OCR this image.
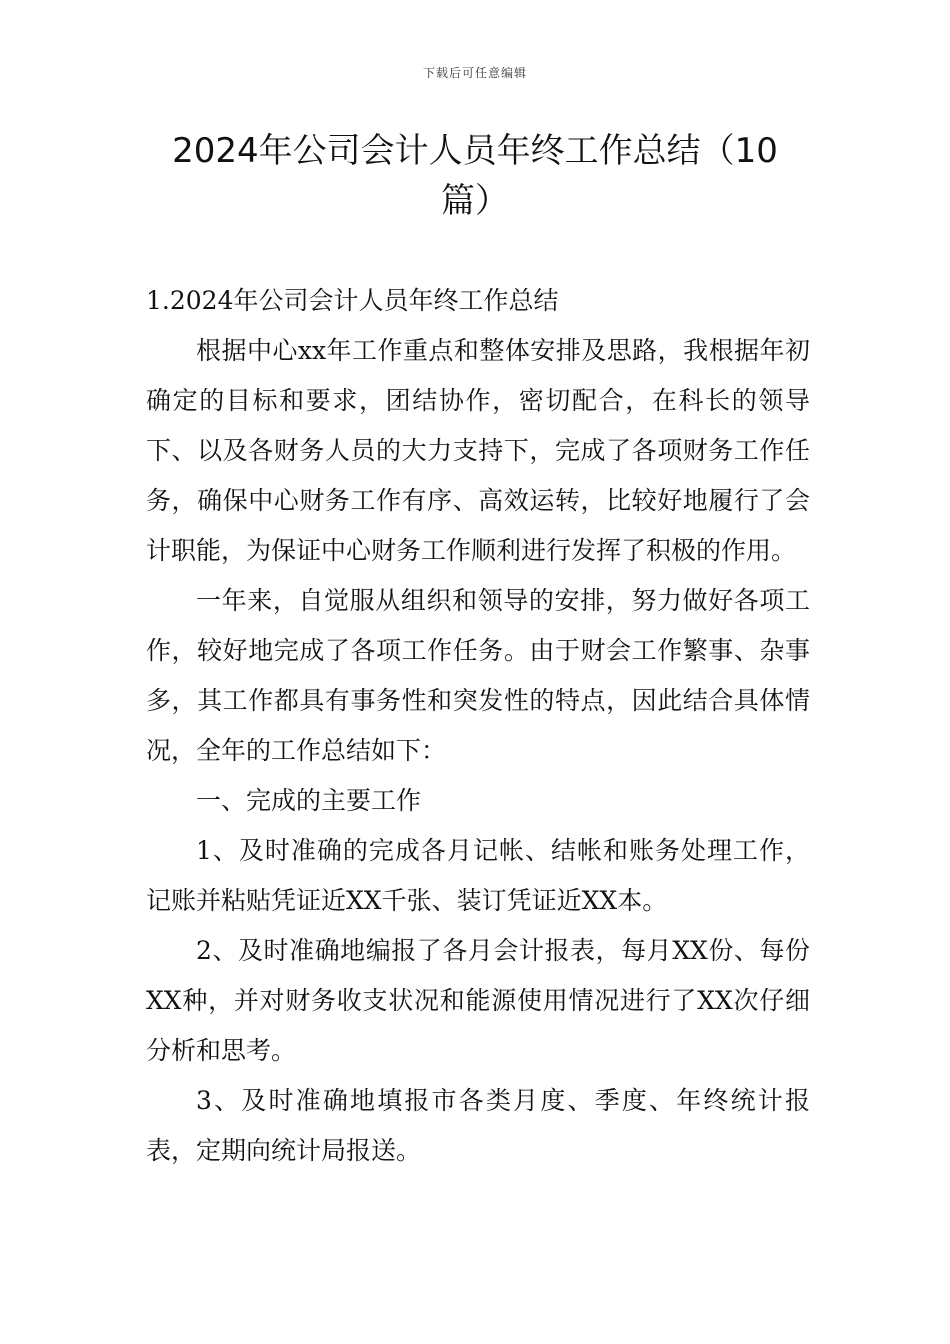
下载后可任意编辑
2024年公司会计人员年终工作总结（10篇）

1.2024年公司会计人员年终工作总结

根据中心xx年工作重点和整体安排及思路，我根据年初确定的目标和要求，团结协作，密切配合，在科长的领导下、以及各财务人员的大力支持下，完成了各项财务工作任务，确保中心财务工作有序、高效运转，比较好地履行了会计职能，为保证中心财务工作顺利进行发挥了积极的作用。

一年来，自觉服从组织和领导的安排，努力做好各项工作，较好地完成了各项工作任务。由于财会工作繁事、杂事多，其工作都具有事务性和突发性的特点，因此结合具体情况，全年的工作总结如下：

一、完成的主要工作

1、及时准确的完成各月记帐、结帐和账务处理工作，记账并粘贴凭证近XX千张、装订凭证近XX本。

2、及时准确地编报了各月会计报表，每月XX份、每份XX种，并对财务收支状况和能源使用情况进行了XX次仔细分析和思考。

3、及时准确地填报市各类月度、季度、年终统计报表，定期向统计局报送。
